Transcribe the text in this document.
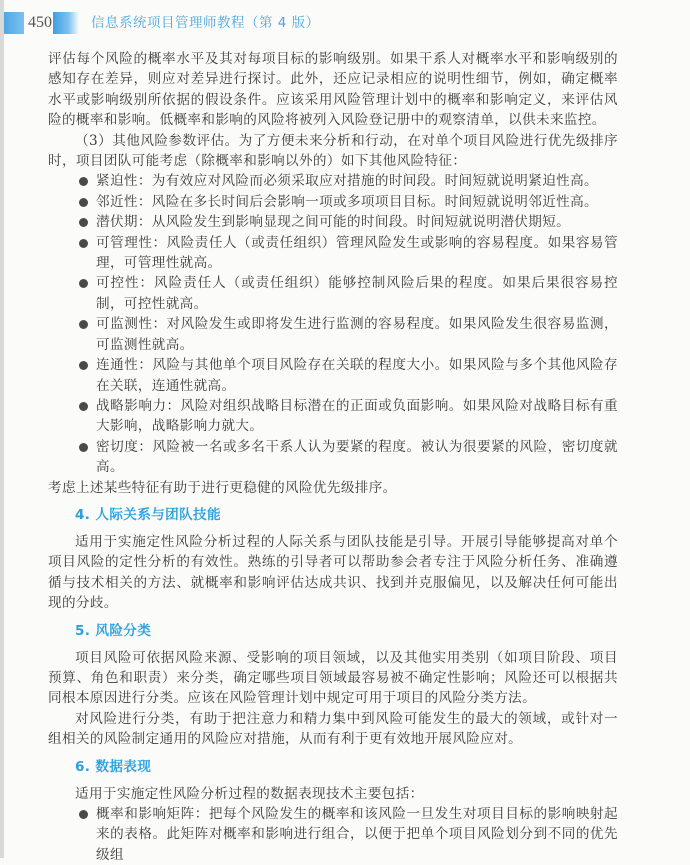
450	信息系统项目管理师教程（第 4 版）

评估每个风险的概率水平及其对每项目标的影响级别。如果干系人对概率水平和影响级别的感知存在差异，则应对差异进行探讨。此外，还应记录相应的说明性细节，例如，确定概率水平或影响级别所依据的假设条件。应该采用风险管理计划中的概率和影响定义，来评估风险的概率和影响。低概率和影响的风险将被列入风险登记册中的观察清单，以供未来监控。

（3）其他风险参数评估。为了方便未来分析和行动，在对单个项目风险进行优先级排序时，项目团队可能考虑（除概率和影响以外的）如下其他风险特征：

紧迫性：为有效应对风险而必须采取应对措施的时间段。时间短就说明紧迫性高。
邻近性：风险在多长时间后会影响一项或多项项目目标。时间短就说明邻近性高。
潜伏期：从风险发生到影响显现之间可能的时间段。时间短就说明潜伏期短。
可管理性：风险责任人（或责任组织）管理风险发生或影响的容易程度。如果容易管理，可管理性就高。
可控性：风险责任人（或责任组织）能够控制风险后果的程度。如果后果很容易控制，可控性就高。
可监测性：对风险发生或即将发生进行监测的容易程度。如果风险发生很容易监测，可监测性就高。
连通性：风险与其他单个项目风险存在关联的程度大小。如果风险与多个其他风险存在关联，连通性就高。
战略影响力：风险对组织战略目标潜在的正面或负面影响。如果风险对战略目标有重大影响，战略影响力就大。
密切度：风险被一名或多名干系人认为要紧的程度。被认为很要紧的风险，密切度就高。

考虑上述某些特征有助于进行更稳健的风险优先级排序。

4. 人际关系与团队技能

适用于实施定性风险分析过程的人际关系与团队技能是引导。开展引导能够提高对单个项目风险的定性分析的有效性。熟练的引导者可以帮助参会者专注于风险分析任务、准确遵循与技术相关的方法、就概率和影响评估达成共识、找到并克服偏见，以及解决任何可能出现的分歧。

5. 风险分类

项目风险可依据风险来源、受影响的项目领域，以及其他实用类别（如项目阶段、项目预算、角色和职责）来分类，确定哪些项目领域最容易被不确定性影响；风险还可以根据共同根本原因进行分类。应该在风险管理计划中规定可用于项目的风险分类方法。

对风险进行分类，有助于把注意力和精力集中到风险可能发生的最大的领域，或针对一组相关的风险制定通用的风险应对措施，从而有利于更有效地开展风险应对。

6. 数据表现

适用于实施定性风险分析过程的数据表现技术主要包括：

概率和影响矩阵：把每个风险发生的概率和该风险一旦发生对项目目标的影响映射起来的表格。此矩阵对概率和影响进行组合，以便于把单个项目风险划分到不同的优先级组
